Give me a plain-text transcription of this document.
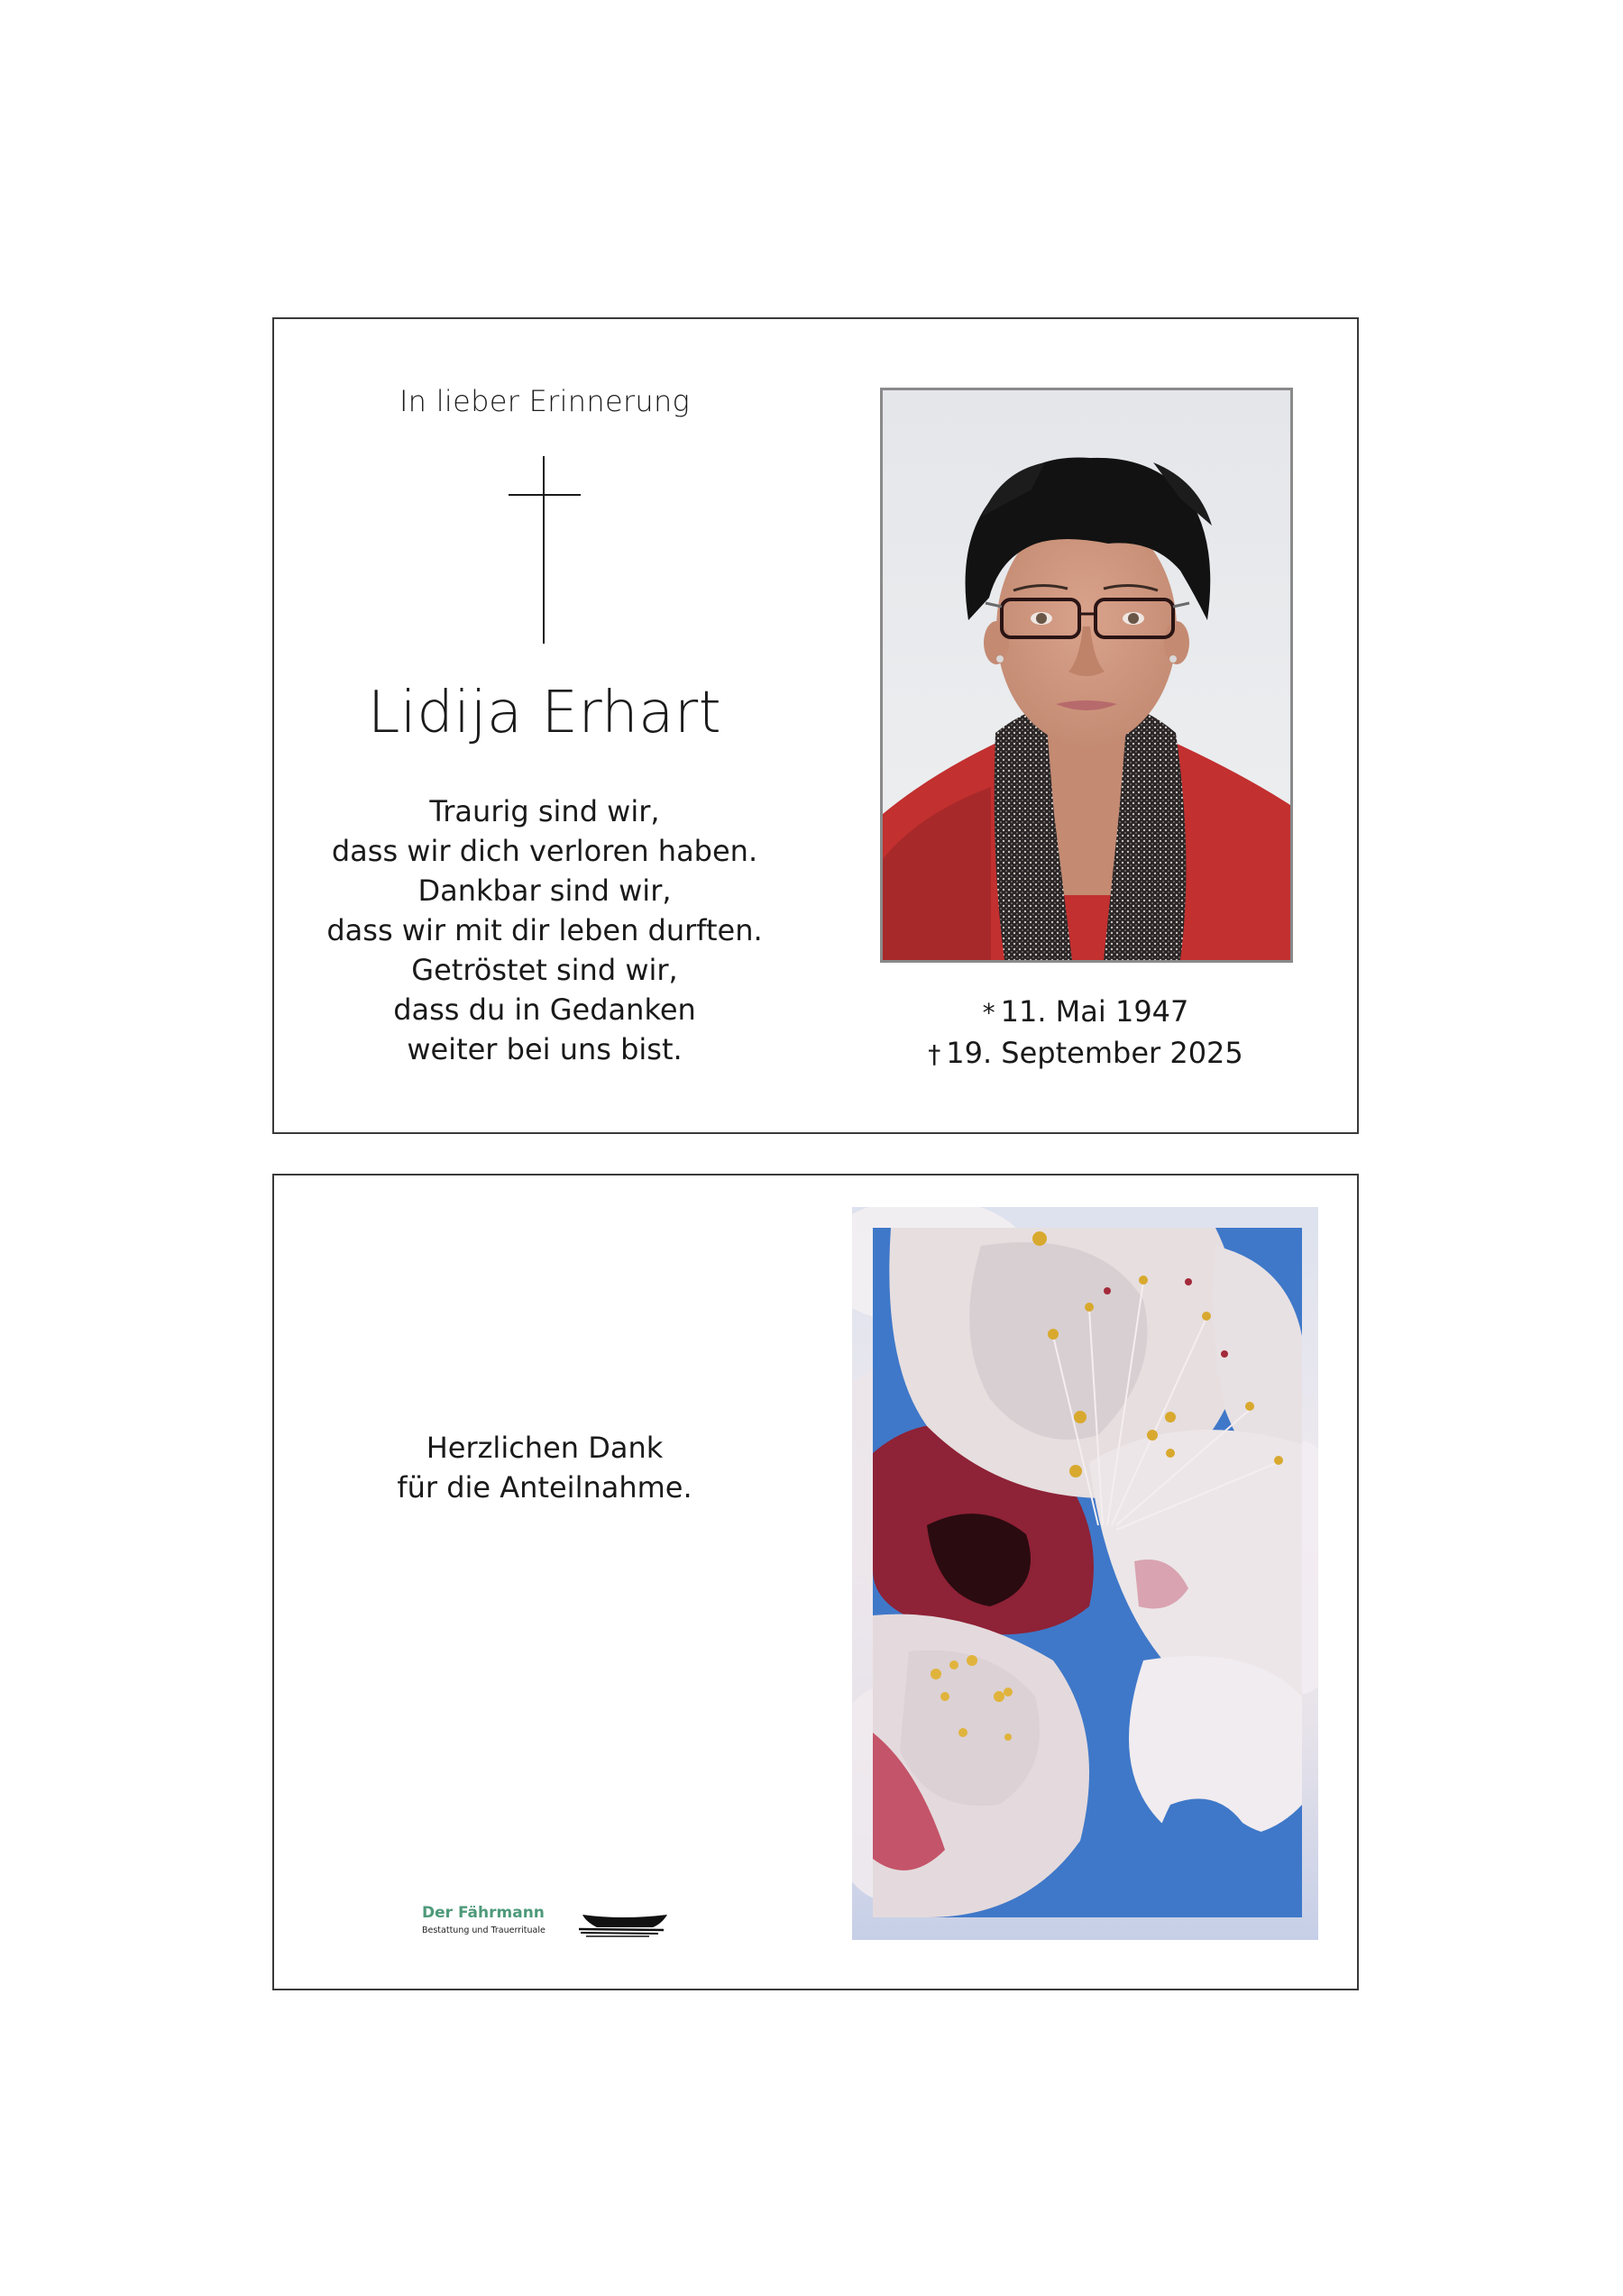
In lieber Erinnerung
Lidija Erhart
Traurig sind wir,
dass wir dich verloren haben.
Dankbar sind wir,
dass wir mit dir leben durften.
Getröstet sind wir,
dass du in Gedanken
weiter bei uns bist.
* 11. Mai 1947
† 19. September 2025
Herzlichen Dank
für die Anteilnahme.
Der Fährmann
Bestattung und Trauerrituale
